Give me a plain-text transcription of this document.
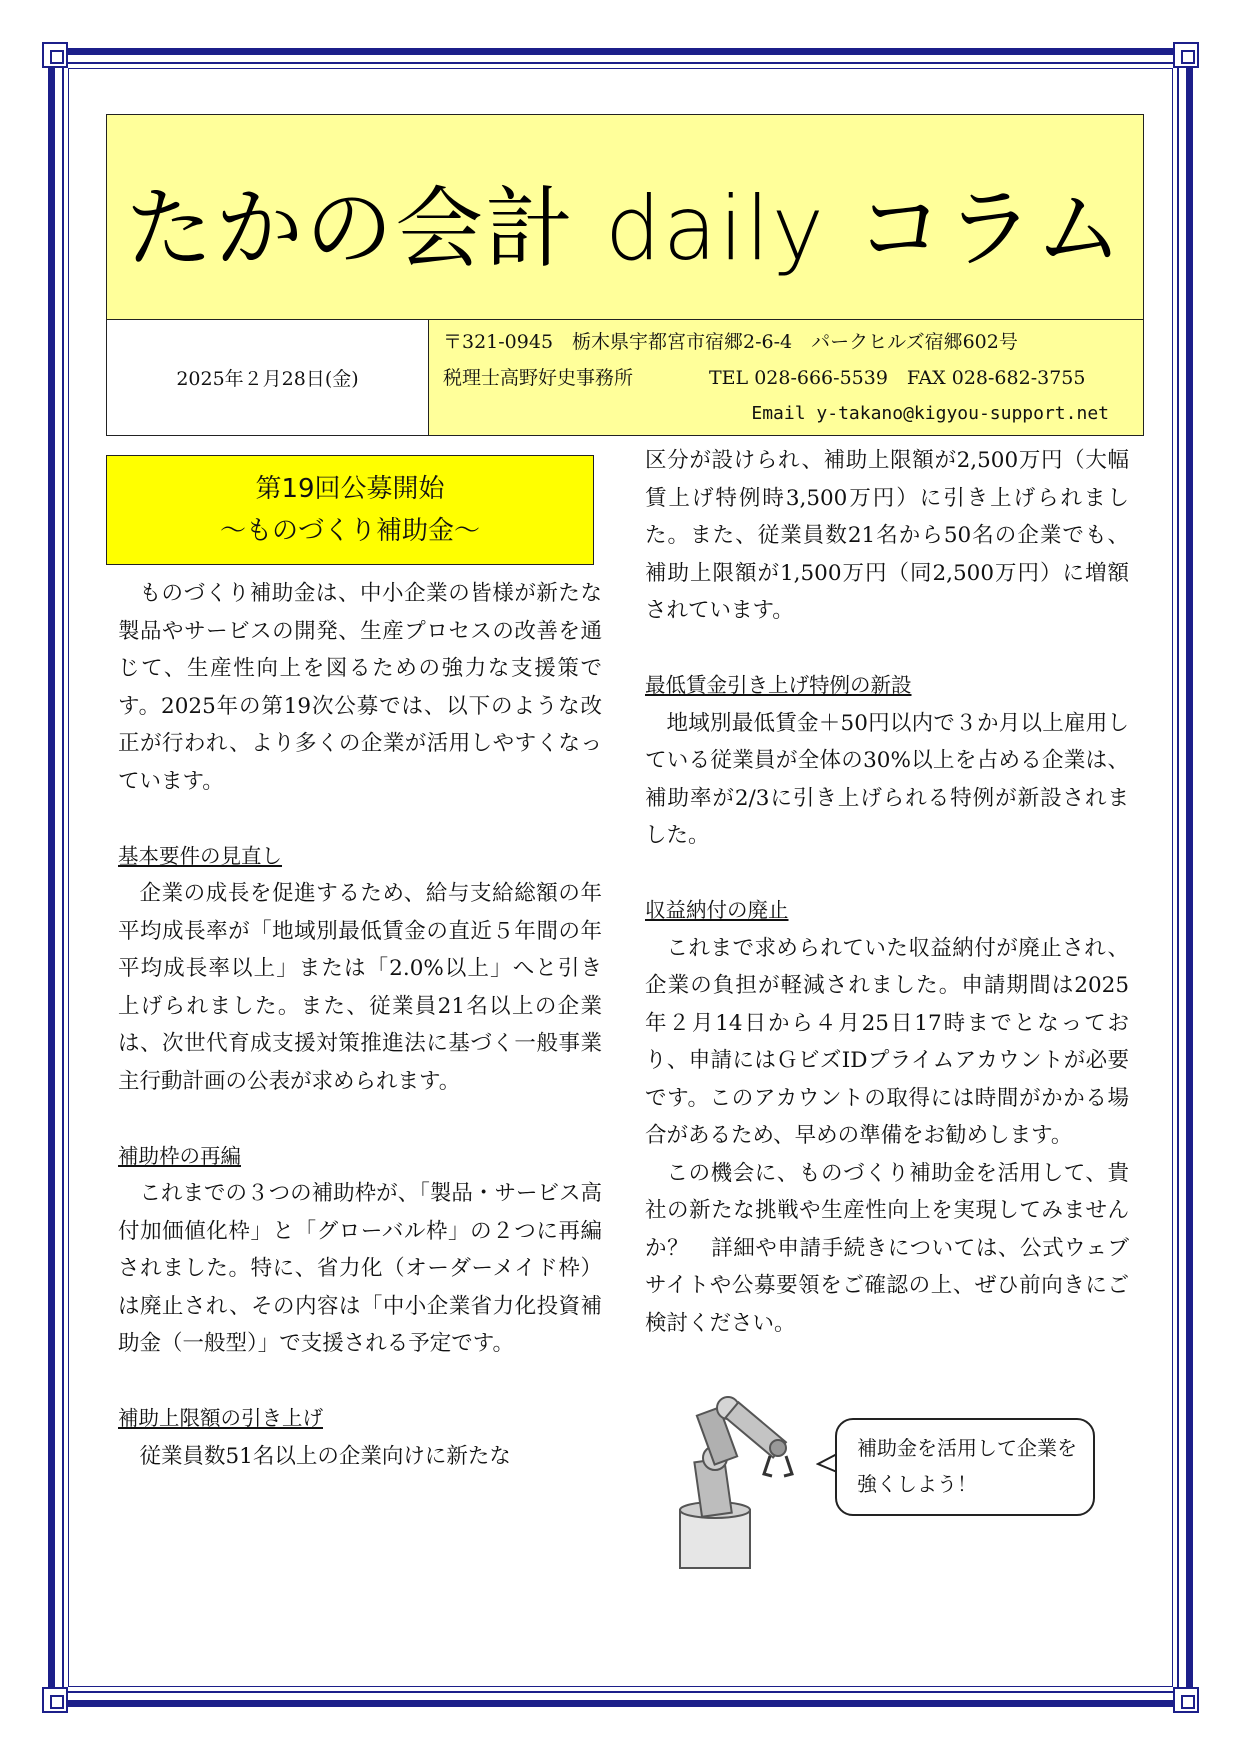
たかの会計 daily コラム
2025年２月28日(金)
〒321-0945　栃木県宇都宮市宿郷2-6-4　パークヒルズ宿郷602号
税理士高野好史事務所　　　　TEL 028-666-5539　FAX 028-682-3755
Email y-takano@kigyou-support.net
第19回公募開始
～ものづくり補助金～

ものづくり補助金は、中小企業の皆様が新たな製品やサービスの開発、生産プロセスの改善を通じて、生産性向上を図るための強力な支援策です。2025年の第19次公募では、以下のような改正が行われ、より多くの企業が活用しやすくなっています。

基本要件の見直し

企業の成長を促進するため、給与支給総額の年平均成長率が「地域別最低賃金の直近５年間の年平均成長率以上」または「2.0%以上」へと引き上げられました。また、従業員21名以上の企業は、次世代育成支援対策推進法に基づく一般事業主行動計画の公表が求められます。

補助枠の再編

これまでの３つの補助枠が、「製品・サービス高付加価値化枠」と「グローバル枠」の２つに再編されました。特に、省力化（オーダーメイド枠）は廃止され、その内容は「中小企業省力化投資補助金（一般型）」で支援される予定です。

補助上限額の引き上げ

従業員数51名以上の企業向けに新たな

区分が設けられ、補助上限額が2,500万円（大幅賃上げ特例時3,500万円）に引き上げられました。また、従業員数21名から50名の企業でも、補助上限額が1,500万円（同2,500万円）に増額されています。

最低賃金引き上げ特例の新設

地域別最低賃金＋50円以内で３か月以上雇用している従業員が全体の30%以上を占める企業は、補助率が2/3に引き上げられる特例が新設されました。

収益納付の廃止

これまで求められていた収益納付が廃止され、企業の負担が軽減されました。申請期間は2025年２月14日から４月25日17時までとなっており、申請にはＧビズIDプライムアカウントが必要です。このアカウントの取得には時間がかかる場合があるため、早めの準備をお勧めします。

この機会に、ものづくり補助金を活用して、貴社の新たな挑戦や生産性向上を実現してみませんか？　詳細や申請手続きについては、公式ウェブサイトや公募要領をご確認の上、ぜひ前向きにご検討ください。

補助金を活用して企業を強くしよう！
